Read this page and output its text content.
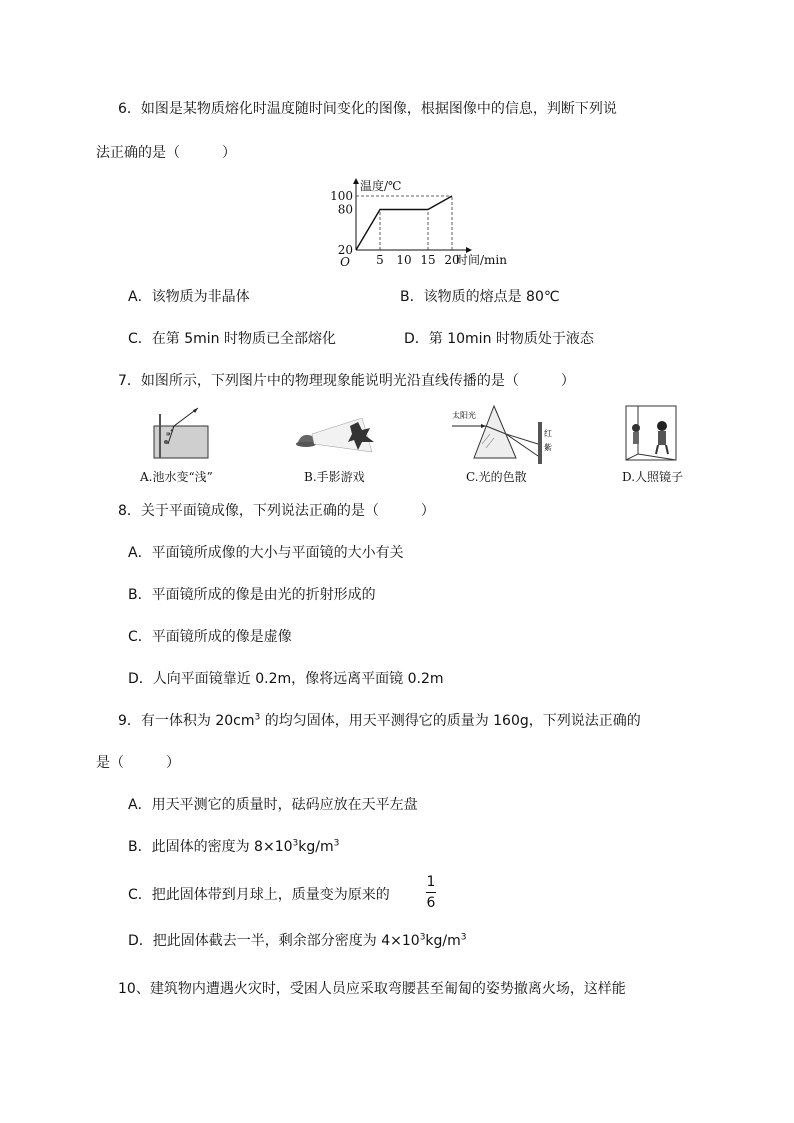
6．如图是某物质熔化时温度随时间变化的图像，根据图像中的信息，判断下列说
法正确的是（　　　）
5 10 15 20
20
80
100
O
温度/℃
时间/min
A．该物质为非晶体	B．该物质的熔点是 80℃
C．在第 5min 时物质已全部熔化	D．第 10min 时物质处于液态
7．如图所示，下列图片中的物理现象能说明光沿直线传播的是（　　　）
A.池水变“浅”	B.手影游戏
太阳光
红
紫
C.光的色散	D.人照镜子
8．关于平面镜成像，下列说法正确的是（　　　）
A．平面镜所成像的大小与平面镜的大小有关
B．平面镜所成的像是由光的折射形成的
C．平面镜所成的像是虚像
D．人向平面镜靠近 0.2m，像将远离平面镜 0.2m
9．有一体积为 $20cm^3$ 的均匀固体，用天平测得它的质量为 160g，下列说法正确的
是（　　　）
A．用天平测它的质量时，砝码应放在天平左盘
B．此固体的密度为 $8\times 10^3kg/m^3$
C．把此固体带到月球上，质量变为原来的
1
6
D．把此固体截去一半，剩余部分密度为 $4\times 10^3kg/m^3$
10、建筑物内遭遇火灾时，受困人员应采取弯腰甚至匍匐的姿势撤离火场，这样能
